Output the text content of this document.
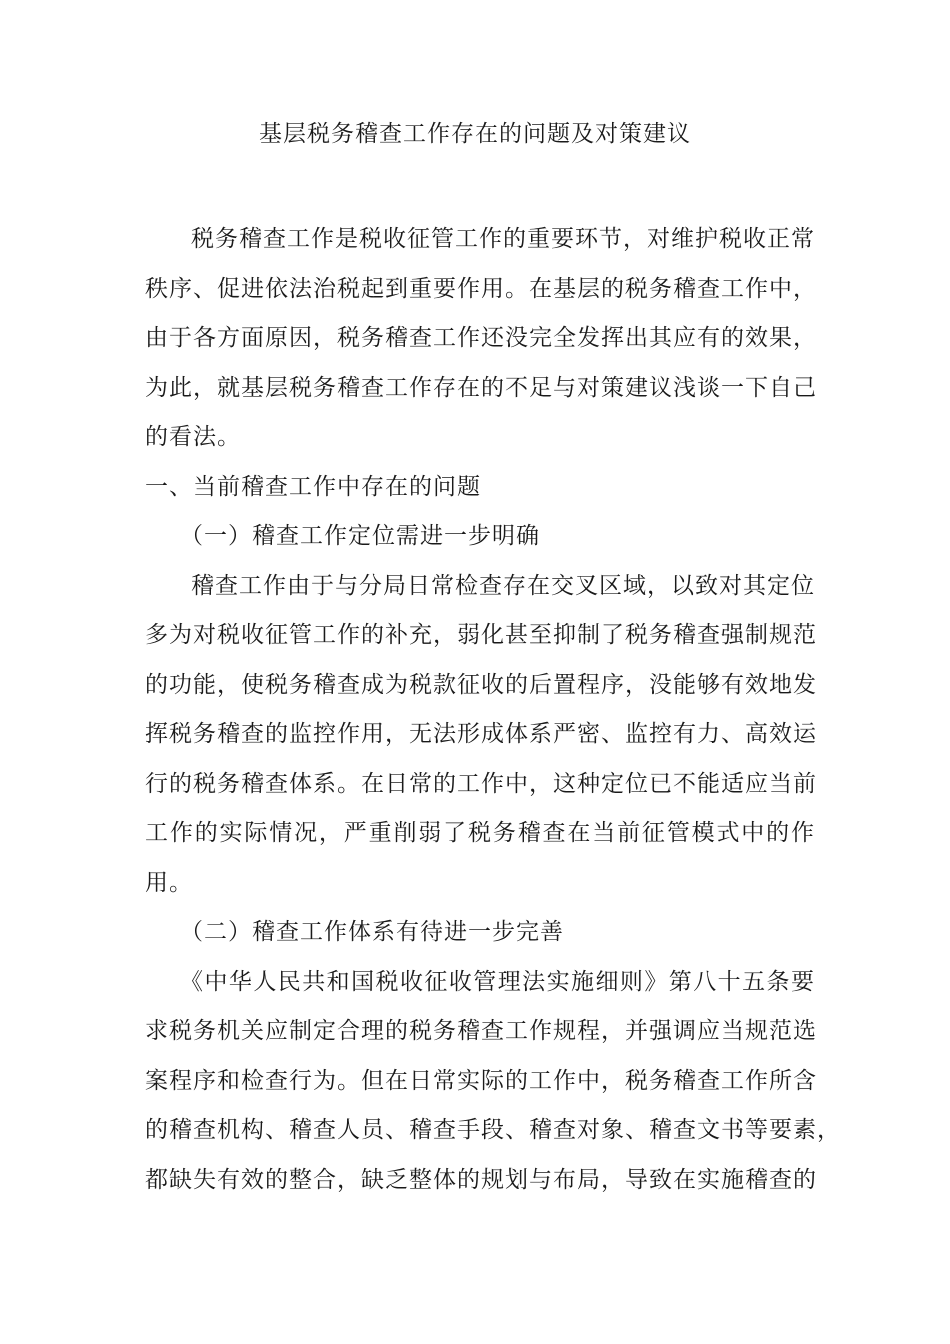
基层税务稽查工作存在的问题及对策建议

税务稽查工作是税收征管工作的重要环节，对维护税收正常
秩序、促进依法治税起到重要作用。在基层的税务稽查工作中，
由于各方面原因，税务稽查工作还没完全发挥出其应有的效果，
为此，就基层税务稽查工作存在的不足与对策建议浅谈一下自己
的看法。

一、当前稽查工作中存在的问题

（一）稽查工作定位需进一步明确

稽查工作由于与分局日常检查存在交叉区域，以致对其定位
多为对税收征管工作的补充，弱化甚至抑制了税务稽查强制规范
的功能，使税务稽查成为税款征收的后置程序，没能够有效地发
挥税务稽查的监控作用，无法形成体系严密、监控有力、高效运
行的税务稽查体系。在日常的工作中，这种定位已不能适应当前
工作的实际情况，严重削弱了税务稽查在当前征管模式中的作
用。

（二）稽查工作体系有待进一步完善

《中华人民共和国税收征收管理法实施细则》第八十五条要
求税务机关应制定合理的税务稽查工作规程，并强调应当规范选
案程序和检查行为。但在日常实际的工作中，税务稽查工作所含
的稽查机构、稽查人员、稽查手段、稽查对象、稽查文书等要素，
都缺失有效的整合，缺乏整体的规划与布局，导致在实施稽查的
